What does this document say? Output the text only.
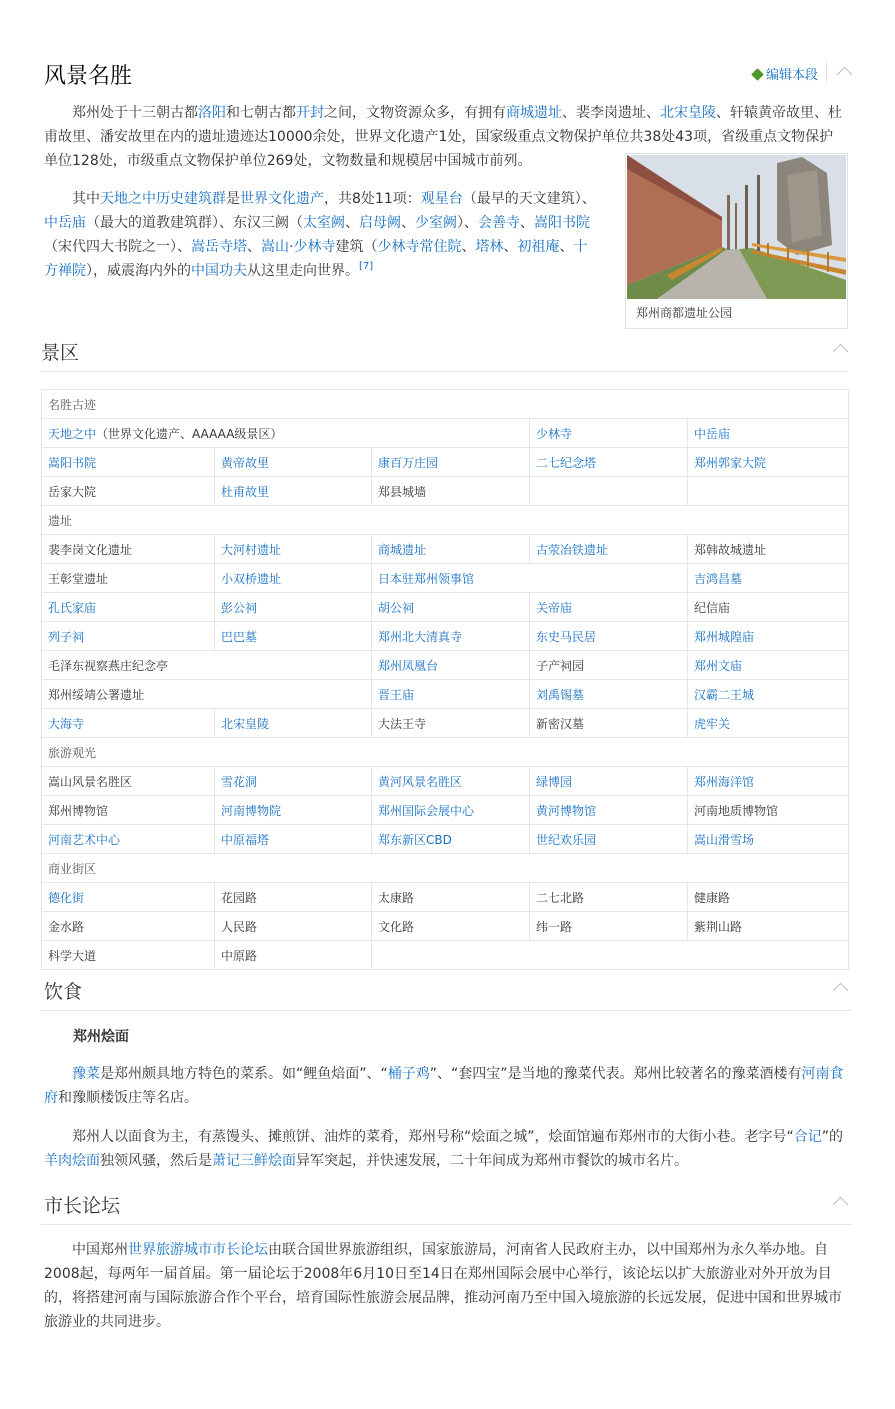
风景名胜	编辑本段

郑州处于十三朝古都洛阳和七朝古都开封之间，文物资源众多，有拥有商城遗址、裴李岗遗址、北宋皇陵、轩辕黄帝故里、杜甫故里、潘安故里在内的遗址遗迹达10000余处，世界文化遗产1处，国家级重点文物保护单位共38处43项，省级重点文物保护单位128处，市级重点文物保护单位269处，文物数量和规模居中国城市前列。

郑州商都遗址公园

其中天地之中历史建筑群是世界文化遗产，共8处11项：观星台（最早的天文建筑）、中岳庙（最大的道教建筑群）、东汉三阙（太室阙、启母阙、少室阙）、会善寺、嵩阳书院（宋代四大书院之一）、嵩岳寺塔、嵩山·少林寺建筑（少林寺常住院、塔林、初祖庵、十方禅院），威震海内外的中国功夫从这里走向世界。[7]

景区
名胜古迹				
天地之中（世界文化遗产、AAAAA级景区）			少林寺	中岳庙
嵩阳书院	黄帝故里	康百万庄园	二七纪念塔	郑州郭家大院
岳家大院	杜甫故里	郑县城墙		
遗址				
裴李岗文化遗址	大河村遗址	商城遗址	古荥冶铁遗址	郑韩故城遗址
王彰堂遗址	小双桥遗址	日本驻郑州领事馆		吉鸿昌墓
孔氏家庙	彭公祠	胡公祠	关帝庙	纪信庙
列子祠	巴巴墓	郑州北大清真寺	东史马民居	郑州城隍庙
毛泽东视察燕庄纪念亭		郑州凤凰台	子产祠园	郑州文庙
郑州绥靖公署遗址		晋王庙	刘禹锡墓	汉霸二王城
大海寺	北宋皇陵	大法王寺	新密汉墓	虎牢关
旅游观光				
嵩山风景名胜区	雪花洞	黄河风景名胜区	绿博园	郑州海洋馆
郑州博物馆	河南博物院	郑州国际会展中心	黄河博物馆	河南地质博物馆
河南艺术中心	中原福塔	郑东新区CBD	世纪欢乐园	嵩山滑雪场
商业街区				
德化街	花园路	太康路	二七北路	健康路
金水路	人民路	文化路	纬一路	紫荆山路
科学大道	中原路			
饮食
郑州烩面

豫菜是郑州颇具地方特色的菜系。如“鲤鱼焙面”、“桶子鸡”、“套四宝”是当地的豫菜代表。郑州比较著名的豫菜酒楼有河南食府和豫顺楼饭庄等名店。

郑州人以面食为主，有蒸馒头、摊煎饼、油炸的菜肴，郑州号称“烩面之城”，烩面馆遍布郑州市的大街小巷。老字号“合记”的羊肉烩面独领风骚，然后是萧记三鲜烩面异军突起，并快速发展，二十年间成为郑州市餐饮的城市名片。

市长论坛

中国郑州世界旅游城市市长论坛由联合国世界旅游组织，国家旅游局，河南省人民政府主办，以中国郑州为永久举办地。自2008起，每两年一届首届。第一届论坛于2008年6月10日至14日在郑州国际会展中心举行，该论坛以扩大旅游业对外开放为目的，将搭建河南与国际旅游合作个平台，培育国际性旅游会展品牌，推动河南乃至中国入境旅游的长远发展，促进中国和世界城市旅游业的共同进步。
